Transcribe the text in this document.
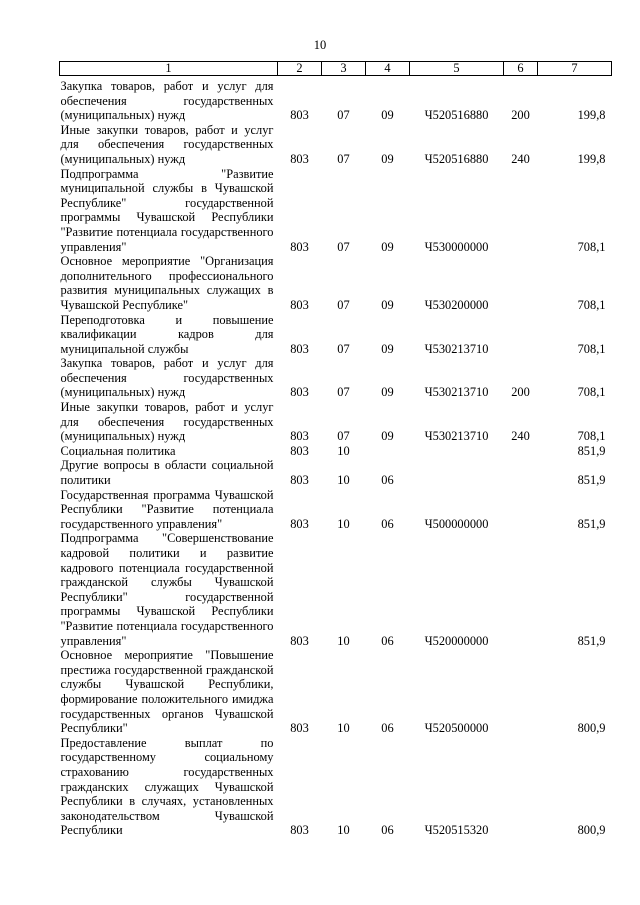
10
1	2	3	4	5	6	7
Закупка товаров, работ и услуг для обеспечения государственных (муниципальных) нужд	803	07	09	Ч520516880	200	199,8
Иные закупки товаров, работ и услуг для обеспечения государственных (муниципальных) нужд	803	07	09	Ч520516880	240	199,8
Подпрограмма "Развитие муниципальной службы в Чувашской Республике" государственной программы Чувашской Республики "Развитие потенциала государственного управления"	803	07	09	Ч530000000		708,1
Основное мероприятие "Организация дополнительного профессионального развития муниципальных служащих в Чувашской Республике"	803	07	09	Ч530200000		708,1
Переподготовка и повышение квалификации кадров для муниципальной службы	803	07	09	Ч530213710		708,1
Закупка товаров, работ и услуг для обеспечения государственных (муниципальных) нужд	803	07	09	Ч530213710	200	708,1
Иные закупки товаров, работ и услуг для обеспечения государственных (муниципальных) нужд	803	07	09	Ч530213710	240	708,1
Социальная политика	803	10				851,9
Другие вопросы в области социальной политики	803	10	06			851,9
Государственная программа Чувашской Республики "Развитие потенциала государственного управления"	803	10	06	Ч500000000		851,9
Подпрограмма "Совершенствование кадровой политики и развитие кадрового потенциала государственной гражданской службы Чувашской Республики" государственной программы Чувашской Республики "Развитие потенциала государственного управления"	803	10	06	Ч520000000		851,9
Основное мероприятие "Повышение престижа государственной гражданской службы Чувашской Республики, формирование положительного имиджа государственных органов Чувашской Республики"	803	10	06	Ч520500000		800,9
Предоставление выплат по государственному социальному страхованию государственных гражданских служащих Чувашской Республики в случаях, установленных законодательством Чувашской Республики	803	10	06	Ч520515320		800,9
